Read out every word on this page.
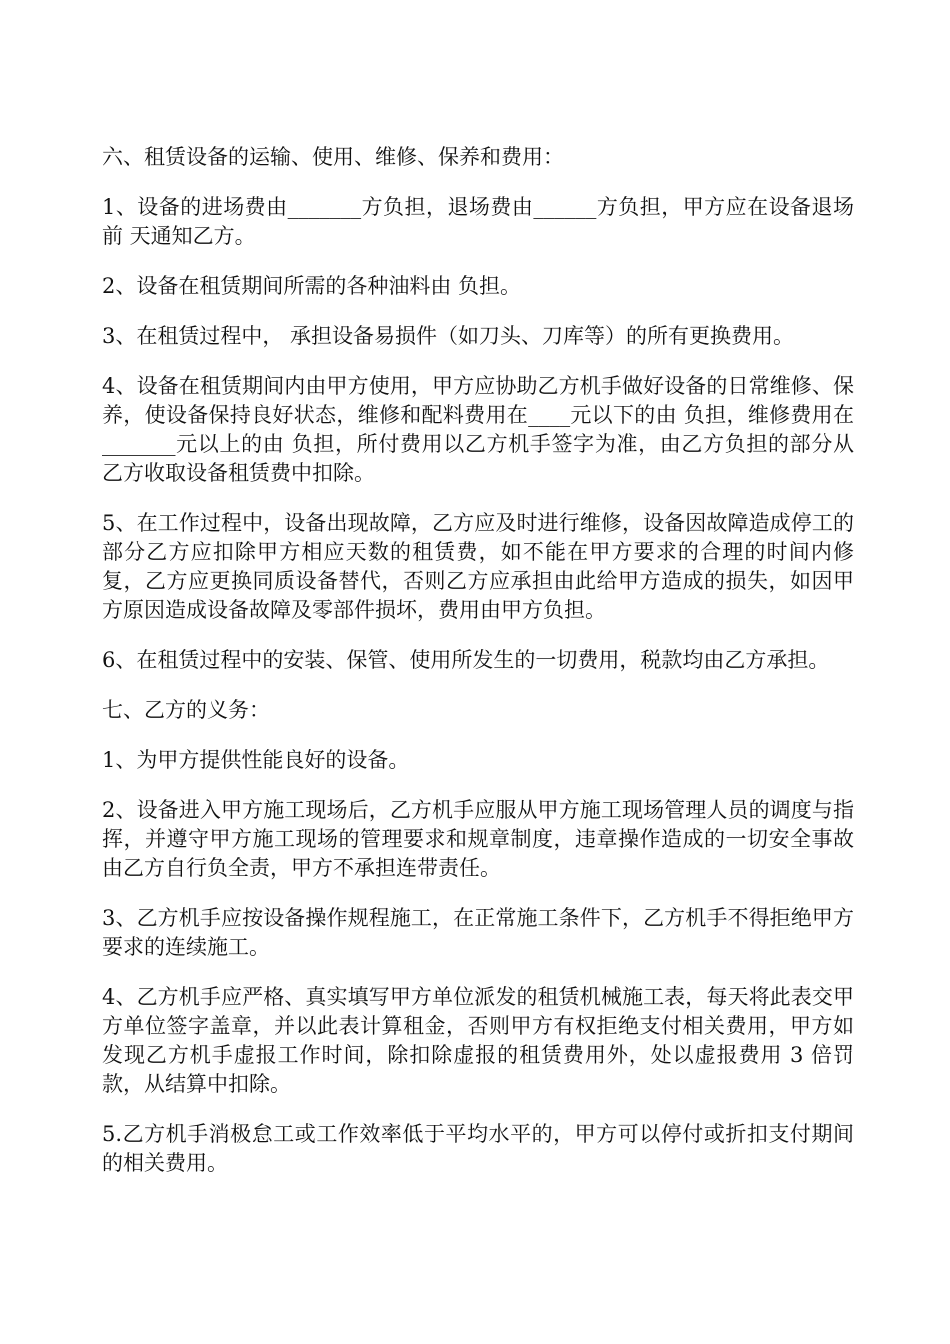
六、租赁设备的运输、使用、维修、保养和费用：

1、设备的进场费由_______方负担，退场费由______方负担，甲方应在设备退场前 天通知乙方。

2、设备在租赁期间所需的各种油料由 负担。

3、在租赁过程中， 承担设备易损件（如刀头、刀库等）的所有更换费用。

4、设备在租赁期间内由甲方使用，甲方应协助乙方机手做好设备的日常维修、保养，使设备保持良好状态，维修和配料费用在____元以下的由 负担，维修费用在_______元以上的由 负担，所付费用以乙方机手签字为准，由乙方负担的部分从乙方收取设备租赁费中扣除。

5、在工作过程中，设备出现故障，乙方应及时进行维修，设备因故障造成停工的部分乙方应扣除甲方相应天数的租赁费，如不能在甲方要求的合理的时间内修复，乙方应更换同质设备替代，否则乙方应承担由此给甲方造成的损失，如因甲方原因造成设备故障及零部件损坏，费用由甲方负担。

6、在租赁过程中的安装、保管、使用所发生的一切费用，税款均由乙方承担。

七、乙方的义务：

1、为甲方提供性能良好的设备。

2、设备进入甲方施工现场后，乙方机手应服从甲方施工现场管理人员的调度与指挥，并遵守甲方施工现场的管理要求和规章制度，违章操作造成的一切安全事故由乙方自行负全责，甲方不承担连带责任。

3、乙方机手应按设备操作规程施工，在正常施工条件下，乙方机手不得拒绝甲方要求的连续施工。

4、乙方机手应严格、真实填写甲方单位派发的租赁机械施工表，每天将此表交甲方单位签字盖章，并以此表计算租金，否则甲方有权拒绝支付相关费用，甲方如发现乙方机手虚报工作时间，除扣除虚报的租赁费用外，处以虚报费用 3 倍罚款，从结算中扣除。

5.乙方机手消极怠工或工作效率低于平均水平的，甲方可以停付或折扣支付期间的相关费用。
